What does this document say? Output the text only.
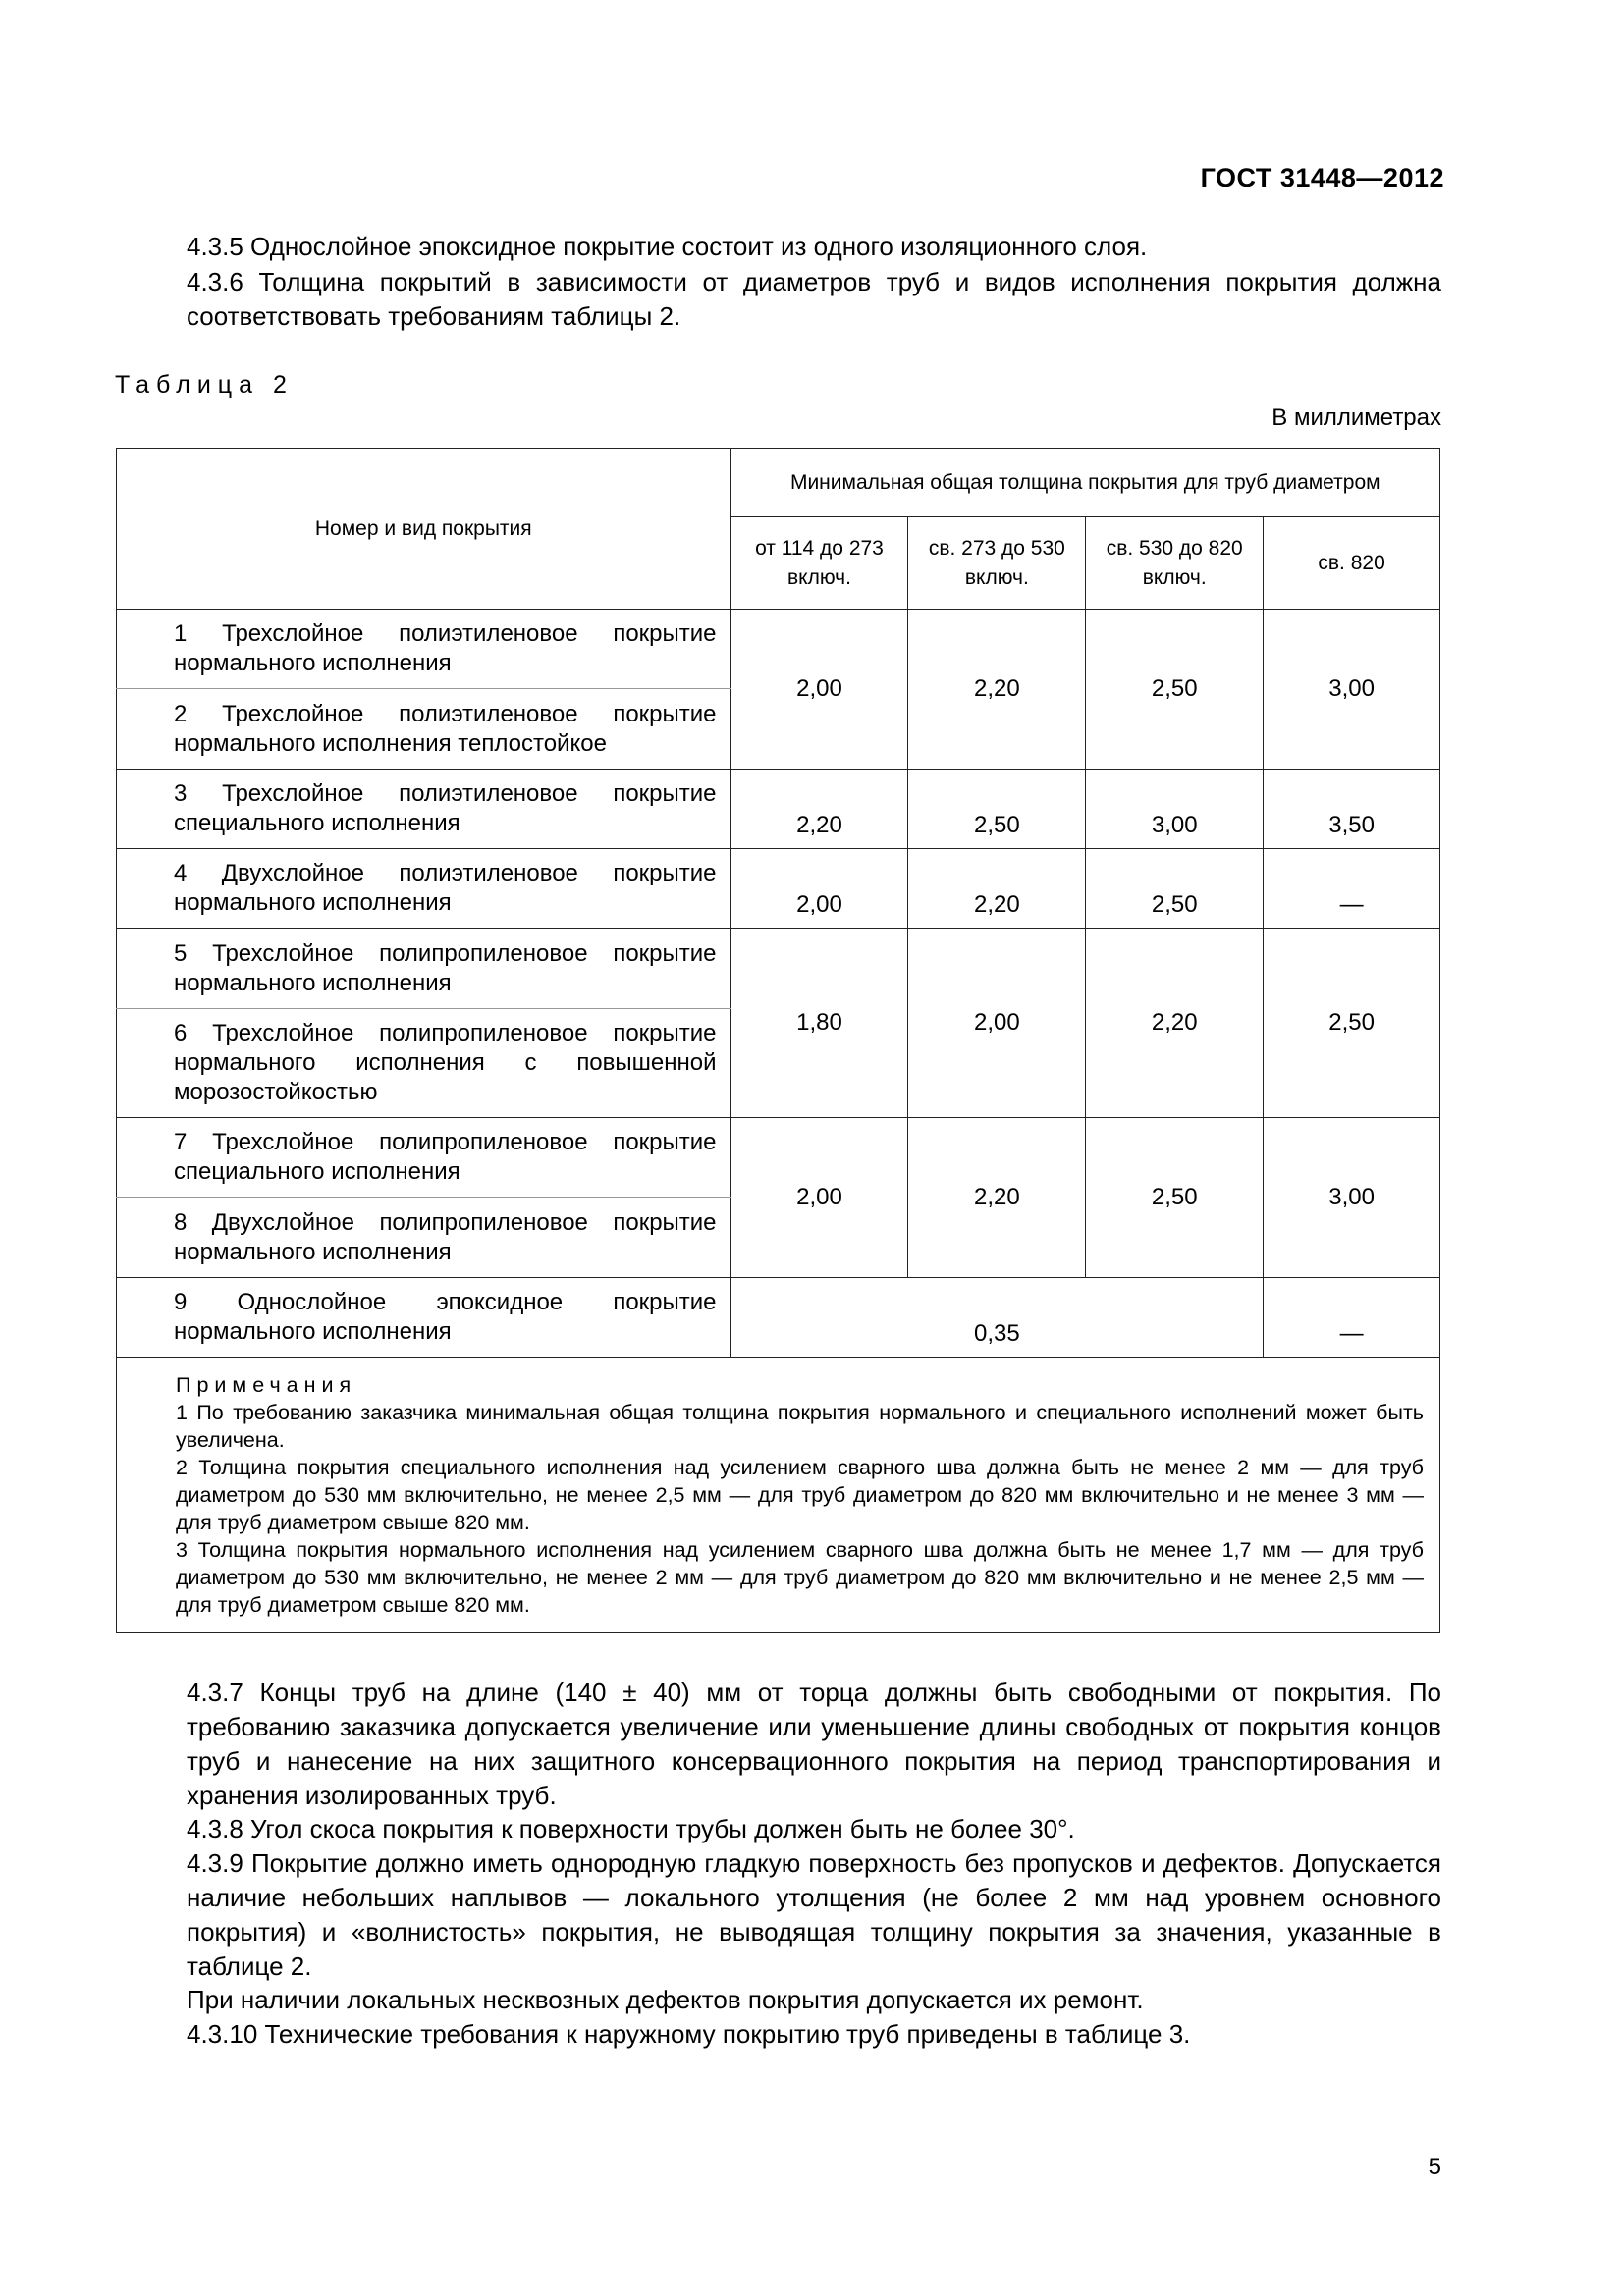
ГОСТ 31448—2012
4.3.5 Однослойное эпоксидное покрытие состоит из одного изоляционного слоя.
4.3.6 Толщина покрытий в зависимости от диаметров труб и видов исполнения покрытия должна соответствовать требованиям таблицы 2.
Таблица 2
В миллиметрах
Номер и вид покрытия	Минимальная общая толщина покрытия для труб диаметром			
	от 114 до 273 включ.	св. 273 до 530 включ.	св. 530 до 820 включ.	св. 820

1 Трехслойное полиэтиленовое покрытие нормального исполнения	2,00	2,20	2,50	3,00

2 Трехслойное полиэтиленовое покрытие нормального исполнения теплостойкое				

3 Трехслойное полиэтиленовое покрытие специального исполнения	2,20	2,50	3,00	3,50

4 Двухслойное полиэтиленовое покрытие нормального исполнения	2,00	2,20	2,50	—

5 Трехслойное полипропиленовое покрытие нормального исполнения	1,80	2,00	2,20	2,50

6 Трехслойное полипропиленовое покрытие нормального исполнения с повышенной морозостойкостью				

7 Трехслойное полипропиленовое покрытие специального исполнения	2,00	2,20	2,50	3,00

8 Двухслойное полипропиленовое покрытие нормального исполнения				

9 Однослойное эпоксидное покрытие нормального исполнения	0,35			—

Примечания
1 По требованию заказчика минимальная общая толщина покрытия нормального и специального исполнений может быть увеличена.
2 Толщина покрытия специального исполнения над усилением сварного шва должна быть не менее 2 мм — для труб диаметром до 530 мм включительно, не менее 2,5 мм — для труб диаметром до 820 мм включительно и не менее 3 мм — для труб диаметром свыше 820 мм.
3 Толщина покрытия нормального исполнения над усилением сварного шва должна быть не менее 1,7 мм — для труб диаметром до 530 мм включительно, не менее 2 мм — для труб диаметром до 820 мм включительно и не менее 2,5 мм — для труб диаметром свыше 820 мм.				
4.3.7 Концы труб на длине (140 ± 40) мм от торца должны быть свободными от покрытия. По требованию заказчика допускается увеличение или уменьшение длины свободных от покрытия концов труб и нанесение на них защитного консервационного покрытия на период транспортирования и хранения изолированных труб.
4.3.8 Угол скоса покрытия к поверхности трубы должен быть не более 30°.
4.3.9 Покрытие должно иметь однородную гладкую поверхность без пропусков и дефектов. Допускается наличие небольших наплывов — локального утолщения (не более 2 мм над уровнем основного покрытия) и «волнистость» покрытия, не выводящая толщину покрытия за значения, указанные в таблице 2.
При наличии локальных несквозных дефектов покрытия допускается их ремонт.
4.3.10 Технические требования к наружному покрытию труб приведены в таблице 3.
5
